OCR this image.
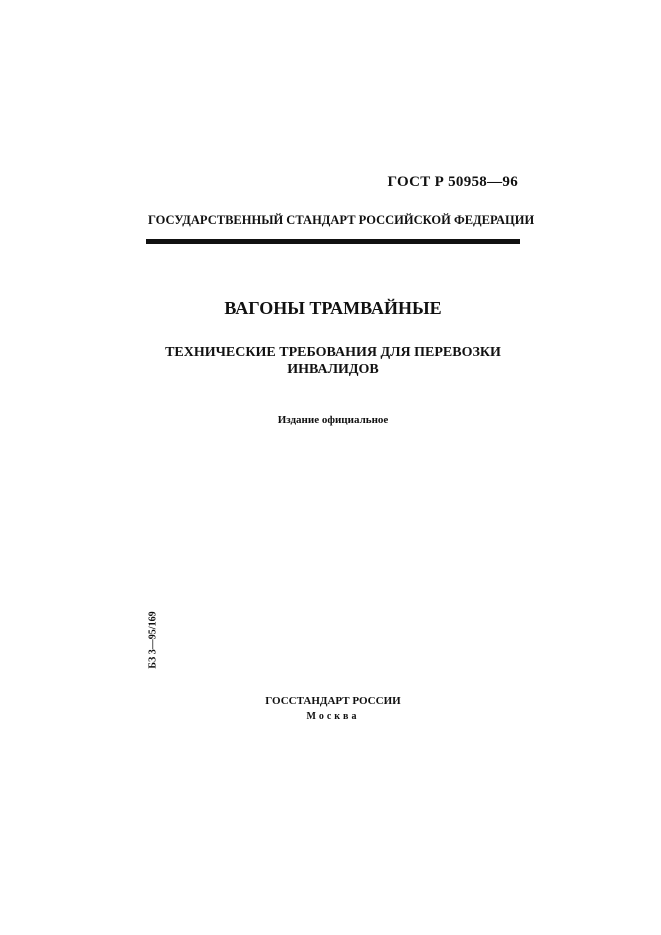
ГОСТ Р 50958—96
ГОСУДАРСТВЕННЫЙ СТАНДАРТ РОССИЙСКОЙ ФЕДЕРАЦИИ
ВАГОНЫ ТРАМВАЙНЫЕ
ТЕХНИЧЕСКИЕ ТРЕБОВАНИЯ ДЛЯ ПЕРЕВОЗКИ
ИНВАЛИДОВ
Издание официальное
БЗ 3—95/169
ГОССТАНДАРТ РОССИИ
Москва
